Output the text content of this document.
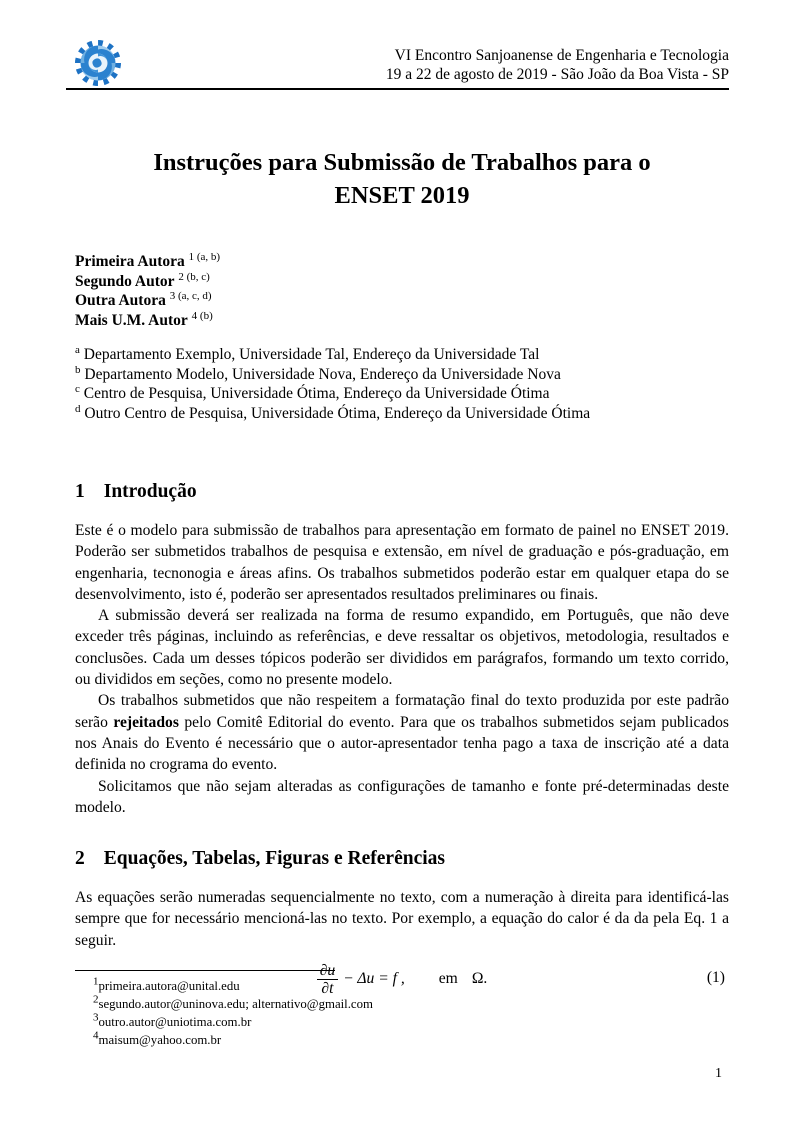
VI Encontro Sanjoanense de Engenharia e Tecnologia
19 a 22 de agosto de 2019 - São João da Boa Vista - SP
Instruções para Submissão de Trabalhos para o
ENSET 2019
Primeira Autora $^{1 (a, b)}$
Segundo Autor $^{2 (b, c)}$
Outra Autora $^{3 (a, c, d)}$
Mais U.M. Autor $^{4 (b)}$
$^a$ Departamento Exemplo, Universidade Tal, Endereço da Universidade Tal
$^b$ Departamento Modelo, Universidade Nova, Endereço da Universidade Nova
$^c$ Centro de Pesquisa, Universidade Ótima, Endereço da Universidade Ótima
$^d$ Outro Centro de Pesquisa, Universidade Ótima, Endereço da Universidade Ótima
1 Introdução

Este é o modelo para submissão de trabalhos para apresentação em formato de painel no ENSET 2019. Poderão ser submetidos trabalhos de pesquisa e extensão, em nível de graduação e pós-graduação, em engenharia, tecnonogia e áreas afins. Os trabalhos submetidos poderão estar em qualquer etapa do se desenvolvimento, isto é, poderão ser apresentados resultados preliminares ou finais.

A submissão deverá ser realizada na forma de resumo expandido, em Português, que não deve exceder três páginas, incluindo as referências, e deve ressaltar os objetivos, metodologia, resultados e conclusões. Cada um desses tópicos poderão ser divididos em parágrafos, formando um texto corrido, ou divididos em seções, como no presente modelo.

Os trabalhos submetidos que não respeitem a formatação final do texto produzida por este padrão serão rejeitados pelo Comitê Editorial do evento. Para que os trabalhos submetidos sejam publicados nos Anais do Evento é necessário que o autor-apresentador tenha pago a taxa de inscrição até a data definida no crograma do evento.

Solicitamos que não sejam alteradas as configurações de tamanho e fonte pré-determinadas deste modelo.

2 Equações, Tabelas, Figuras e Referências

As equações serão numeradas sequencialmente no texto, com a numeração à direita para identificá-las sempre que for necessário mencioná-las no texto. Por exemplo, a equação do calor é da da pela Eq. 1 a seguir.

$\frac{\partial u}{\partial t} - \Delta u = f$ , em Ω.	(1)
$^1$primeira.autora@unital.edu
$^2$segundo.autor@uninova.edu; alternativo@gmail.com
$^3$outro.autor@uniotima.com.br
$^4$maisum@yahoo.com.br
1
